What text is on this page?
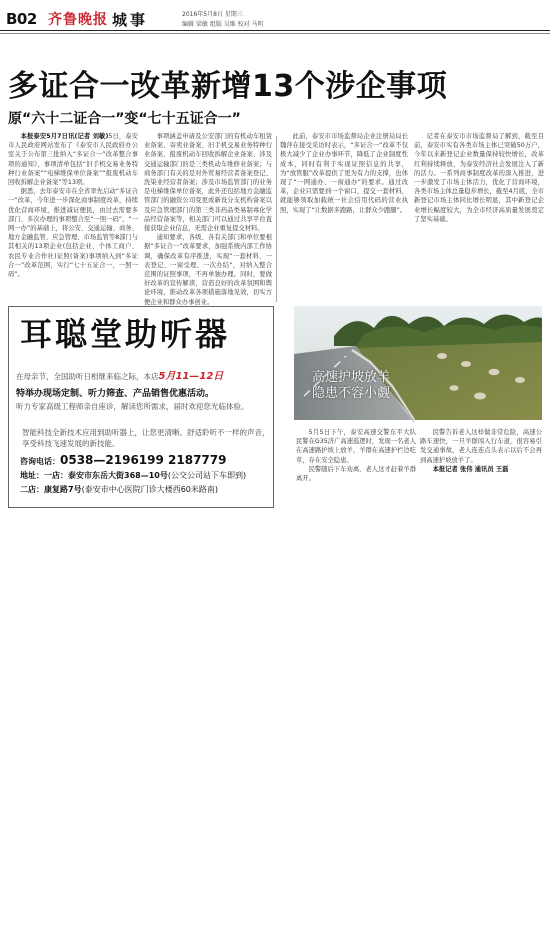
B02 齐鲁晚报 城事	2016年5月8日 星期三
编辑 梁敏 组版 吴维 校对 马明
多证合一改革新增13个涉企事项
原“六十二证合一”变“七十五证合一”

本报泰安5月7日讯(记者 刘敏)5日，泰安市人民政府网站发布了《泰安市人民政府办公室关于公布第三批纳入“多证合一”改革整合事项的通知》，事项清单包括“旧手机交易业务特种行业备案”“电梯维保单位备案”“报废机动车回收拆解企业备案”等13项。

据悉，去年泰安市在全省率先启动“多证合一”改革，今年进一步深化商事制度改革，持续优化营商环境，推进减证便民，由过去需要多部门、多次办理的事项整合至“一照一码”，“一网一办”的基础上，将公安、交通运输、商务、地方金融监管、应急管理、市场监管等8部门与其相关的13项企业(包括企业、个体工商户、农民专业合作社)证照(备案)事项纳入到“多证合一”改革范围，实行“七十五证合一，一照一码”。

事项涵盖申请及公安部门的有机动车租赁业备案、寄卖业备案、旧手机交易业务特种行业备案、报废机动车回收拆解企业备案、涉及交通运输部门的是三类机动车维修业备案；与商务部门有关的是对外贸易经营者备案登记、洗染业经营者备案；涉及市场监管部门的业务是电梯维保单位备案，此外还包括地方金融监管部门的融资公司变更或新设分支机构备案以及应急管理部门的第三类非药品类易制毒化学品经营备案等，相关部门可以通过共享平台直接获取企业信息，无需企业重复提交材料。

通知要求，各级、各有关部门和单位要根据“多证合一”改革要求，加强系统内部工作协调，确保改革有序推进，实现“一套材料、一表登记、一窗受理、一次办结”，对纳入整合范围的证照事项，不再单独办理。同时，要做好改革的宣传解读，营造良好的改革氛围和舆论环境，推动改革各项措施落地见效，切实方便企业和群众办事创业。

此前，泰安市市场监督局企业注册局局长魏萍在接受采访时表示，“多证合一”改革不仅极大减少了企业办事环节，降低了企业制度性成本，同时有利于实现证照信息的共享，为“放管服”改革提供了更为有力的支撑，也体现了“一网通办、一窗通办”的要求。通过改革，企业只需要到一个窗口，提交一套材料，就能够领取加载统一社会信用代码的营业执照，实现了“让数据多跑路，让群众少跑腿”。

记者在泰安市市场监督局了解到，截至目前，泰安市实有各类市场主体已突破50万户，今年以来新登记企业数量保持较快增长，改革红利持续释放，为泰安经济社会发展注入了新的活力。一系列商事制度改革的深入推进，进一步激发了市场主体活力，优化了营商环境，各类市场主体总量稳步增长，截至4月底，全市新登记市场主体同比增长明显，其中新登记企业增长幅度较大，为全市经济高质量发展奠定了坚实基础。

耳聪堂助听器
在母亲节，全国助听日相继来临之际，本店5月11—12日
特举办现场定制、听力筛查、产品销售优惠活动。
听力专家高级工程师亲自座诊，解读您所需求，届时欢迎您光临体验。
智能科技全新技术应用到助听器上，让您更清晰、舒适聆听不一样的声音，享受科技飞速发展的新技能。
咨询电话：0538—2196199 2187779
地址：一店：泰安市东岳大街368—10号(公交公司站下车即到)
二店：康复路7号(泰安市中心医院门诊大楼西60米路南)
高速护坡放羊
隐患不容小觑

5月5日下午，泰安高速交警东平大队民警在G35济广高速巡逻时，发现一名老人在高速路护坡上放羊，羊群在高速护栏边吃草，存在安全隐患。

民警随后下车劝离，老人这才赶着羊群离开。

民警告诉老人这样做非常危险，高速公路车速快，一旦羊群闯入行车道，很容易引发交通事故，老人连连点头表示以后不会再到高速护坡放羊了。

本报记者 张伟 通讯员 王磊
